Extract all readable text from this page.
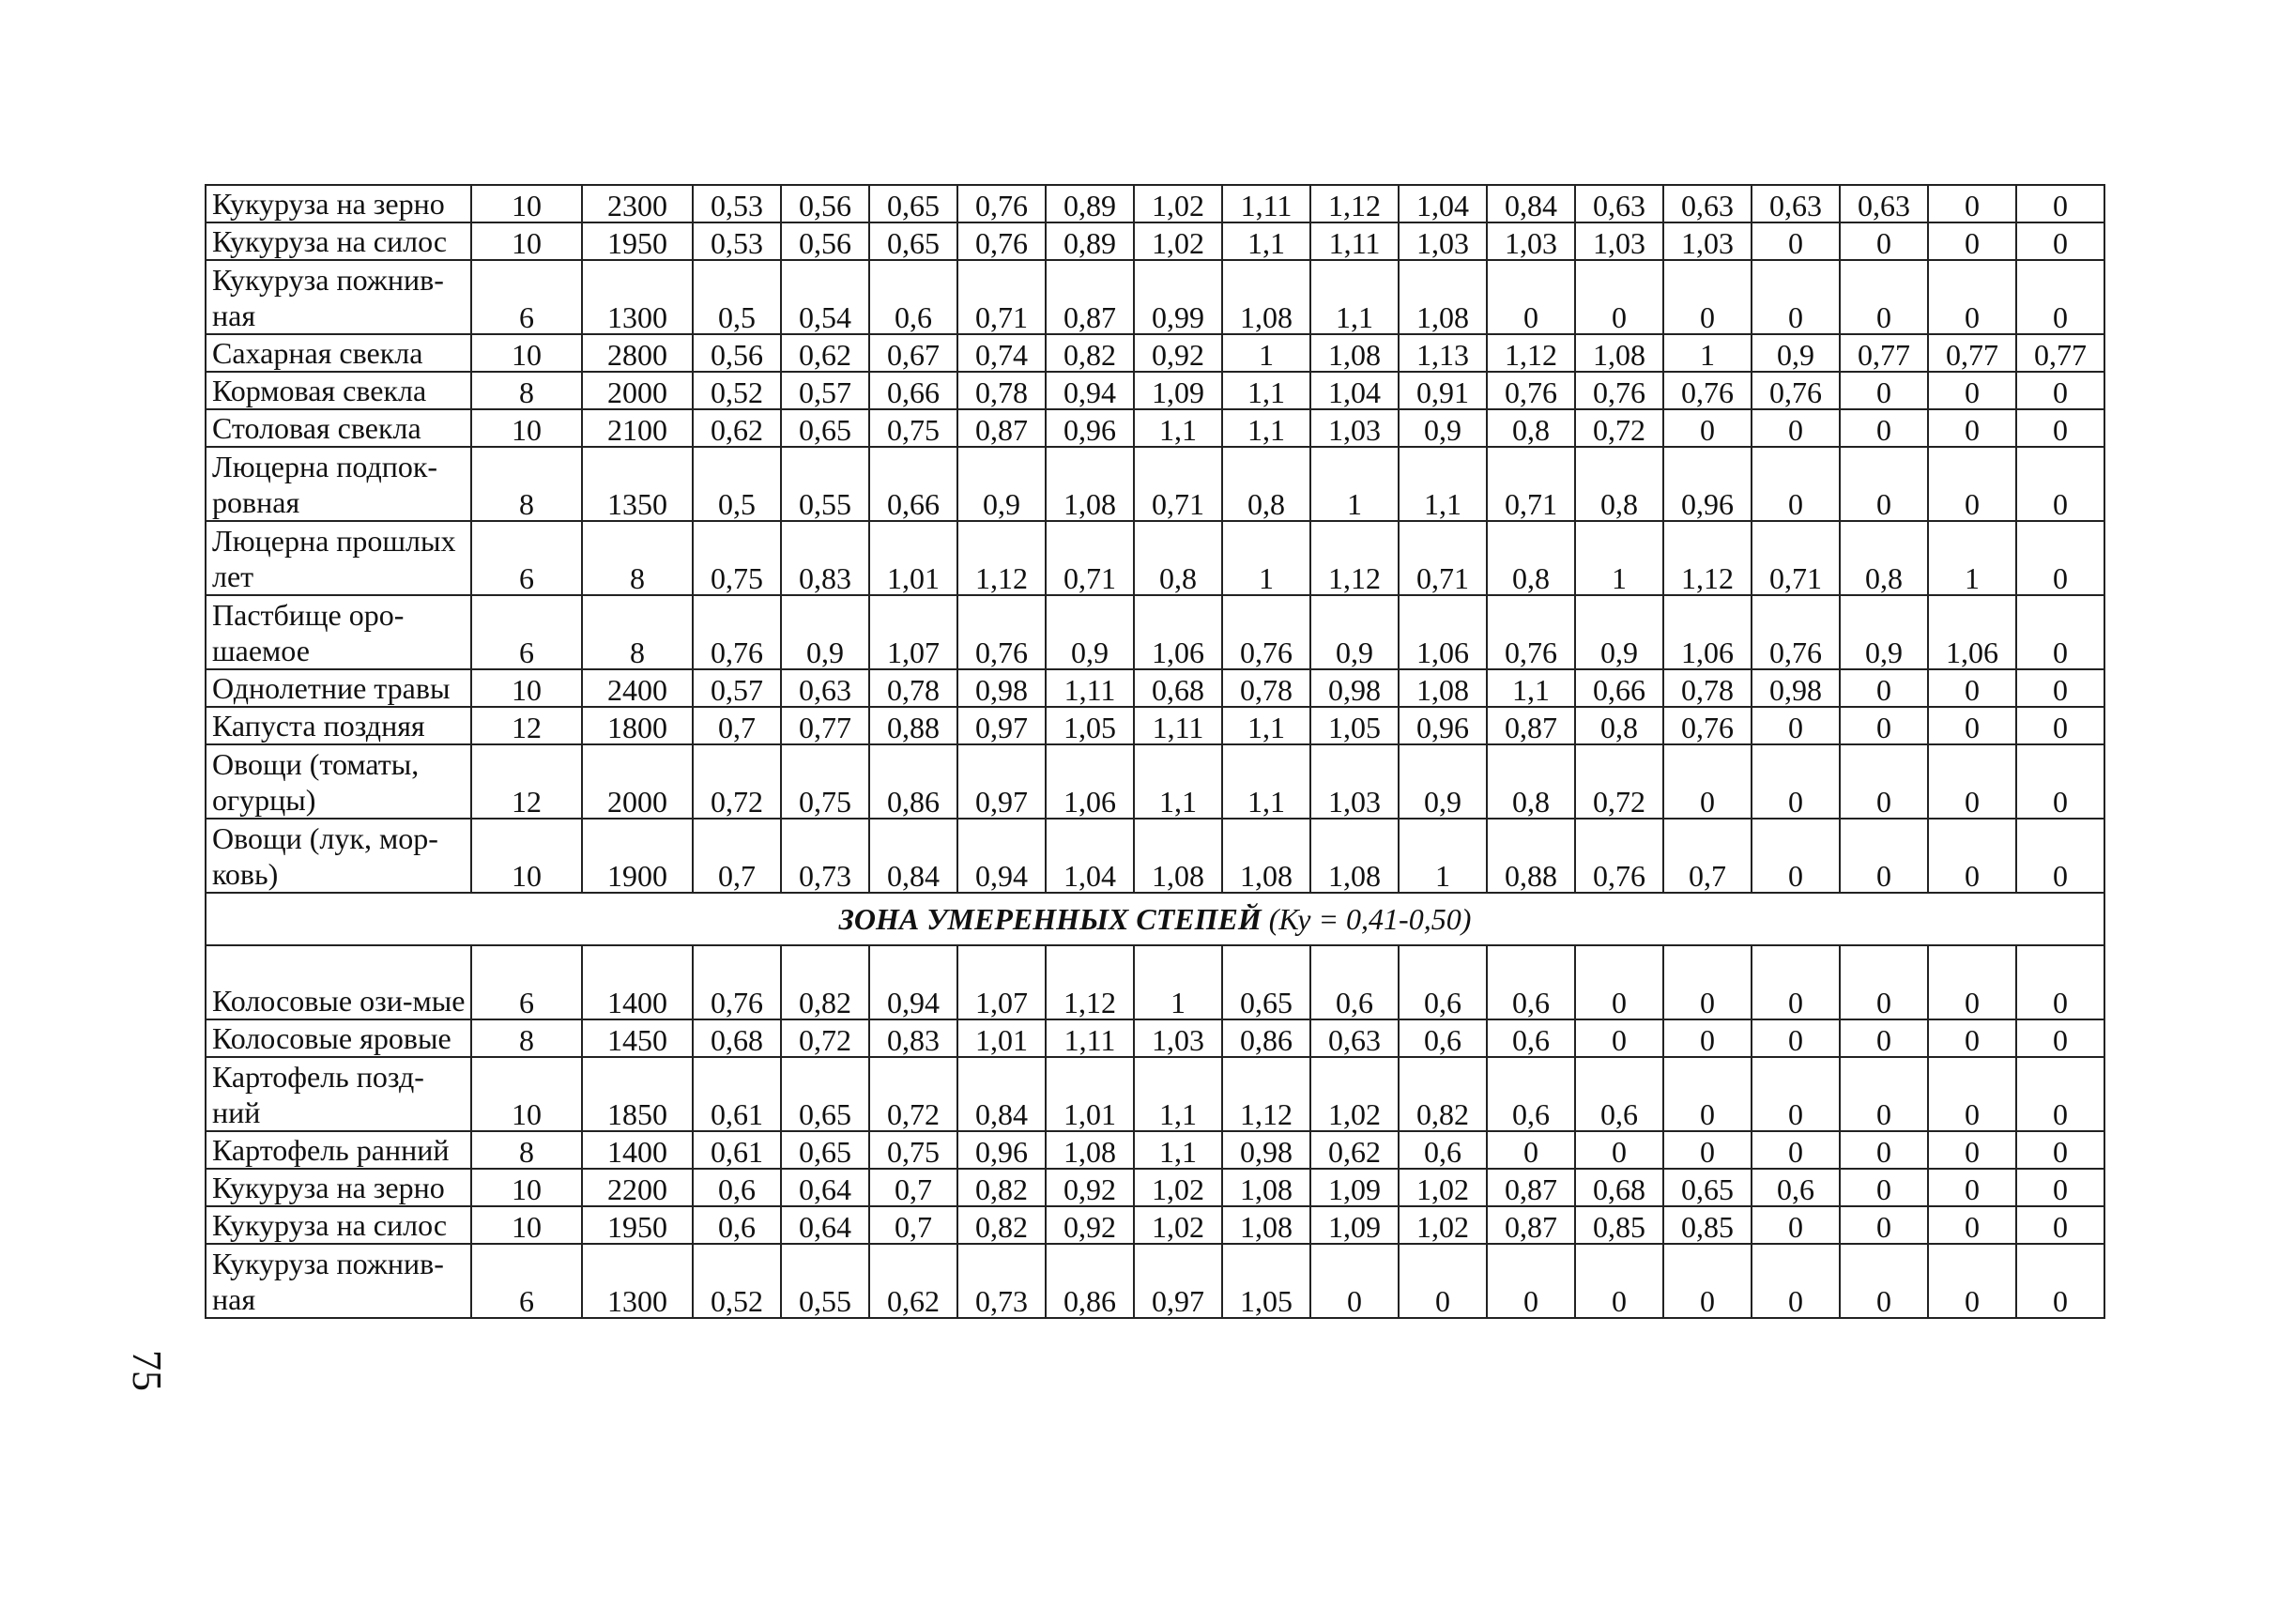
Кукуруза на зерно	10	2300	0,53	0,56	0,65	0,76	0,89	1,02	1,11	1,12	1,04	0,84	0,63	0,63	0,63	0,63	0	0
Кукуруза на силос	10	1950	0,53	0,56	0,65	0,76	0,89	1,02	1,1	1,11	1,03	1,03	1,03	1,03	0	0	0	0
Кукуруза пожнив-ная	6	1300	0,5	0,54	0,6	0,71	0,87	0,99	1,08	1,1	1,08	0	0	0	0	0	0	0
Сахарная свекла	10	2800	0,56	0,62	0,67	0,74	0,82	0,92	1	1,08	1,13	1,12	1,08	1	0,9	0,77	0,77	0,77
Кормовая свекла	8	2000	0,52	0,57	0,66	0,78	0,94	1,09	1,1	1,04	0,91	0,76	0,76	0,76	0,76	0	0	0
Столовая свекла	10	2100	0,62	0,65	0,75	0,87	0,96	1,1	1,1	1,03	0,9	0,8	0,72	0	0	0	0	0
Люцерна подпок-ровная	8	1350	0,5	0,55	0,66	0,9	1,08	0,71	0,8	1	1,1	0,71	0,8	0,96	0	0	0	0
Люцерна прошлых лет	6	8	0,75	0,83	1,01	1,12	0,71	0,8	1	1,12	0,71	0,8	1	1,12	0,71	0,8	1	0
Пастбище оро-шаемое	6	8	0,76	0,9	1,07	0,76	0,9	1,06	0,76	0,9	1,06	0,76	0,9	1,06	0,76	0,9	1,06	0
Однолетние травы	10	2400	0,57	0,63	0,78	0,98	1,11	0,68	0,78	0,98	1,08	1,1	0,66	0,78	0,98	0	0	0
Капуста поздняя	12	1800	0,7	0,77	0,88	0,97	1,05	1,11	1,1	1,05	0,96	0,87	0,8	0,76	0	0	0	0
Овощи (томаты, огурцы)	12	2000	0,72	0,75	0,86	0,97	1,06	1,1	1,1	1,03	0,9	0,8	0,72	0	0	0	0	0
Овощи (лук, мор-ковь)	10	1900	0,7	0,73	0,84	0,94	1,04	1,08	1,08	1,08	1	0,88	0,76	0,7	0	0	0	0
ЗОНА УМЕРЕННЫХ СТЕПЕЙ (Ку = 0,41-0,50)																		
Колосовые ози-мые	6	1400	0,76	0,82	0,94	1,07	1,12	1	0,65	0,6	0,6	0,6	0	0	0	0	0	0
Колосовые яровые	8	1450	0,68	0,72	0,83	1,01	1,11	1,03	0,86	0,63	0,6	0,6	0	0	0	0	0	0
Картофель позд-ний	10	1850	0,61	0,65	0,72	0,84	1,01	1,1	1,12	1,02	0,82	0,6	0,6	0	0	0	0	0
Картофель ранний	8	1400	0,61	0,65	0,75	0,96	1,08	1,1	0,98	0,62	0,6	0	0	0	0	0	0	0
Кукуруза на зерно	10	2200	0,6	0,64	0,7	0,82	0,92	1,02	1,08	1,09	1,02	0,87	0,68	0,65	0,6	0	0	0
Кукуруза на силос	10	1950	0,6	0,64	0,7	0,82	0,92	1,02	1,08	1,09	1,02	0,87	0,85	0,85	0	0	0	0
Кукуруза пожнив-ная	6	1300	0,52	0,55	0,62	0,73	0,86	0,97	1,05	0	0	0	0	0	0	0	0	0
75
